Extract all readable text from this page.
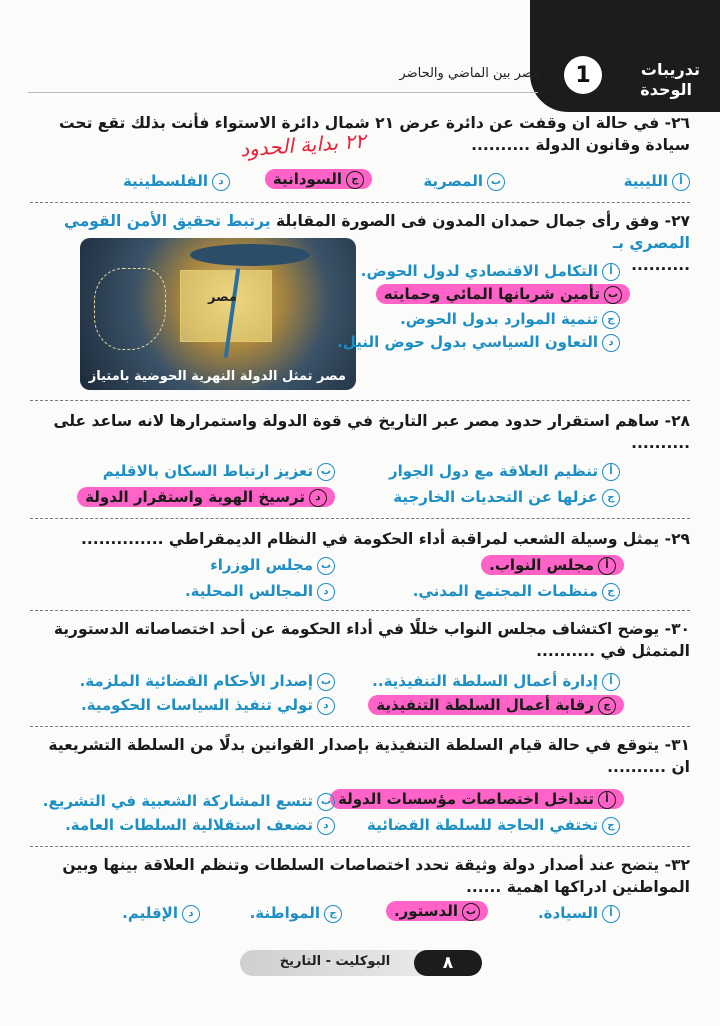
تدريبات
الوحدة
1
مصر بين الماضي والحاضر

٢٦- في حالة ان وقفت عن دائرة عرض ٢١ شمال دائرة الاستواء فأنت بذلك تقع تحت سيادة وقانون الدولة ..........

٢٢ بداية الحدود
أالليبية
بالمصرية
جالسودانية
دالفلسطينية

٢٧- وفق رأى جمال حمدان المدون فى الصورة المقابلة يرتبط تحقيق الأمن القومي المصري بـ

..........

مصر
مصر تمثل الدولة النهرية الحوضية بامتياز
أالتكامل الاقتصادي لدول الحوض.
بتأمين شريانها المائي وحمايته
جتنمية الموارد بدول الحوض.
دالتعاون السياسي بدول حوض النيل.

٢٨- ساهم استقرار حدود مصر عبر التاريخ في قوة الدولة واستمرارها لانه ساعد على ..........

أتنظيم العلاقة مع دول الجوار
بتعزيز ارتباط السكان بالاقليم
جعزلها عن التحديات الخارجية
دترسيخ الهوية واستقرار الدولة

٢٩- يمثل وسيلة الشعب لمراقبة أداء الحكومة في النظام الديمقراطي ..............

أمجلس النواب.
بمجلس الوزراء
جمنظمات المجتمع المدني.
دالمجالس المحلية.

٣٠- يوضح اكتشاف مجلس النواب خللًا في أداء الحكومة عن أحد اختصاصاته الدستورية المتمثل في ..........

أإدارة أعمال السلطة التنفيذية..
بإصدار الأحكام القضائية الملزمة.
جرقابة أعمال السلطة التنفيذية
دتولي تنفيذ السياسات الحكومية.

٣١- يتوقع في حالة قيام السلطة التنفيذية بإصدار القوانين بدلًا من السلطة التشريعية ان ..........

أتتداخل اختصاصات مؤسسات الدولة
بتتسع المشاركة الشعبية في التشريع.
جتختفي الحاجة للسلطة القضائية
دتضعف استقلالية السلطات العامة.

٣٢- يتضح عند أصدار دولة وثيقة تحدد اختصاصات السلطات وتنظم العلاقة بينها وبين المواطنين ادراكها اهمية ......

أالسيادة.
بالدستور.
جالمواطنة.
دالإقليم.
البوكليت - التاريخ	٨
